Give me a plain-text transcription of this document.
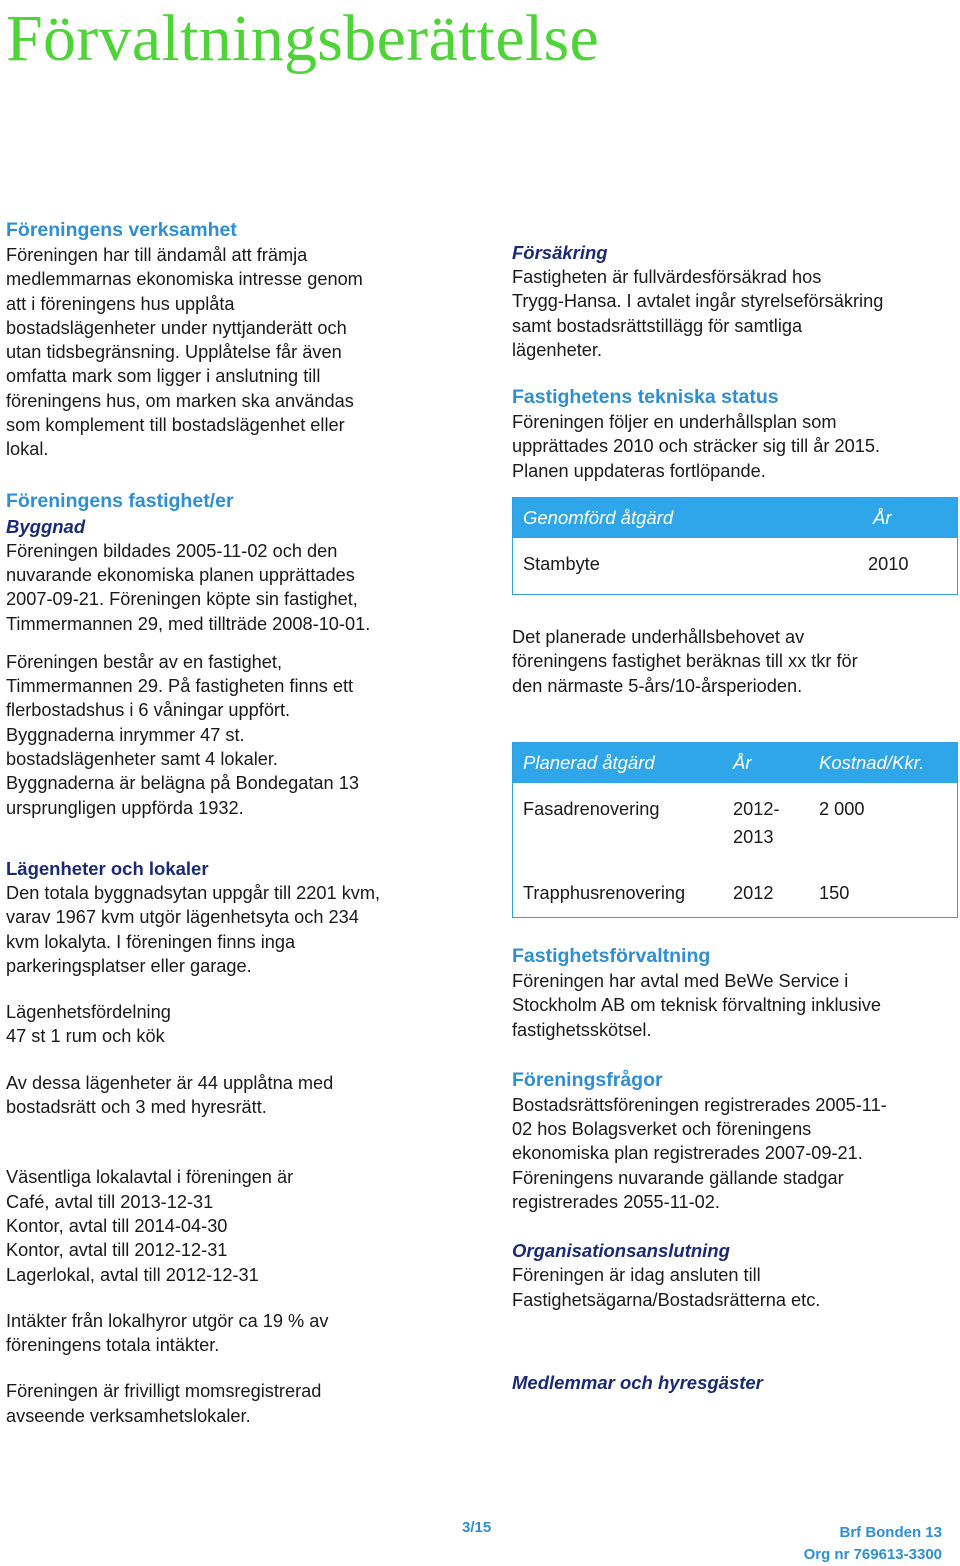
Förvaltningsberättelse
Föreningens verksamhet

Föreningen har till ändamål att främja
medlemmarnas ekonomiska intresse genom
att i föreningens hus upplåta
bostadslägenheter under nyttjanderätt och
utan tidsbegränsning. Upplåtelse får även
omfatta mark som ligger i anslutning till
föreningens hus, om marken ska användas
som komplement till bostadslägenhet eller
lokal.

Föreningens fastighet/er
Byggnad

Föreningen bildades 2005-11-02 och den
nuvarande ekonomiska planen upprättades
2007-09-21. Föreningen köpte sin fastighet,
Timmermannen 29, med tillträde 2008-10-01.

Föreningen består av en fastighet,
Timmermannen 29. På fastigheten finns ett
flerbostadshus i 6 våningar uppfört.
Byggnaderna inrymmer 47 st.
bostadslägenheter samt 4 lokaler.
Byggnaderna är belägna på Bondegatan 13
ursprungligen uppförda 1932.

Lägenheter och lokaler

Den totala byggnadsytan uppgår till 2201 kvm,
varav 1967 kvm utgör lägenhetsyta och 234
kvm lokalyta. I föreningen finns inga
parkeringsplatser eller garage.

Lägenhetsfördelning
47 st 1 rum och kök

Av dessa lägenheter är 44 upplåtna med
bostadsrätt och 3 med hyresrätt.

Väsentliga lokalavtal i föreningen är
Café, avtal till 2013-12-31
Kontor, avtal till 2014-04-30
Kontor, avtal till 2012-12-31
Lagerlokal, avtal till 2012-12-31

Intäkter från lokalhyror utgör ca 19 % av
föreningens totala intäkter.

Föreningen är frivilligt momsregistrerad
avseende verksamhetslokaler.

Försäkring

Fastigheten är fullvärdesförsäkrad hos
Trygg-Hansa. I avtalet ingår styrelseförsäkring
samt bostadsrättstillägg för samtliga
lägenheter.

Fastighetens tekniska status

Föreningen följer en underhållsplan som
upprättades 2010 och sträcker sig till år 2015.
Planen uppdateras fortlöpande.

Genomförd åtgärd	År
Stambyte	2010

Det planerade underhållsbehovet av
föreningens fastighet beräknas till xx tkr för
den närmaste 5-års/10-årsperioden.

Planerad åtgärd	År	Kostnad/Kkr.
Fasadrenovering	2012-
2013	2 000
Trapphusrenovering	2012	150
Fastighetsförvaltning

Föreningen har avtal med BeWe Service i
Stockholm AB om teknisk förvaltning inklusive
fastighetsskötsel.

Föreningsfrågor

Bostadsrättsföreningen registrerades 2005-11-
02 hos Bolagsverket och föreningens
ekonomiska plan registrerades 2007-09-21.
Föreningens nuvarande gällande stadgar
registrerades 2055-11-02.

Organisationsanslutning

Föreningen är idag ansluten till
Fastighetsägarna/Bostadsrätterna etc.

Medlemmar och hyresgäster
3/15	Brf Bonden 13
Org nr 769613-3300
